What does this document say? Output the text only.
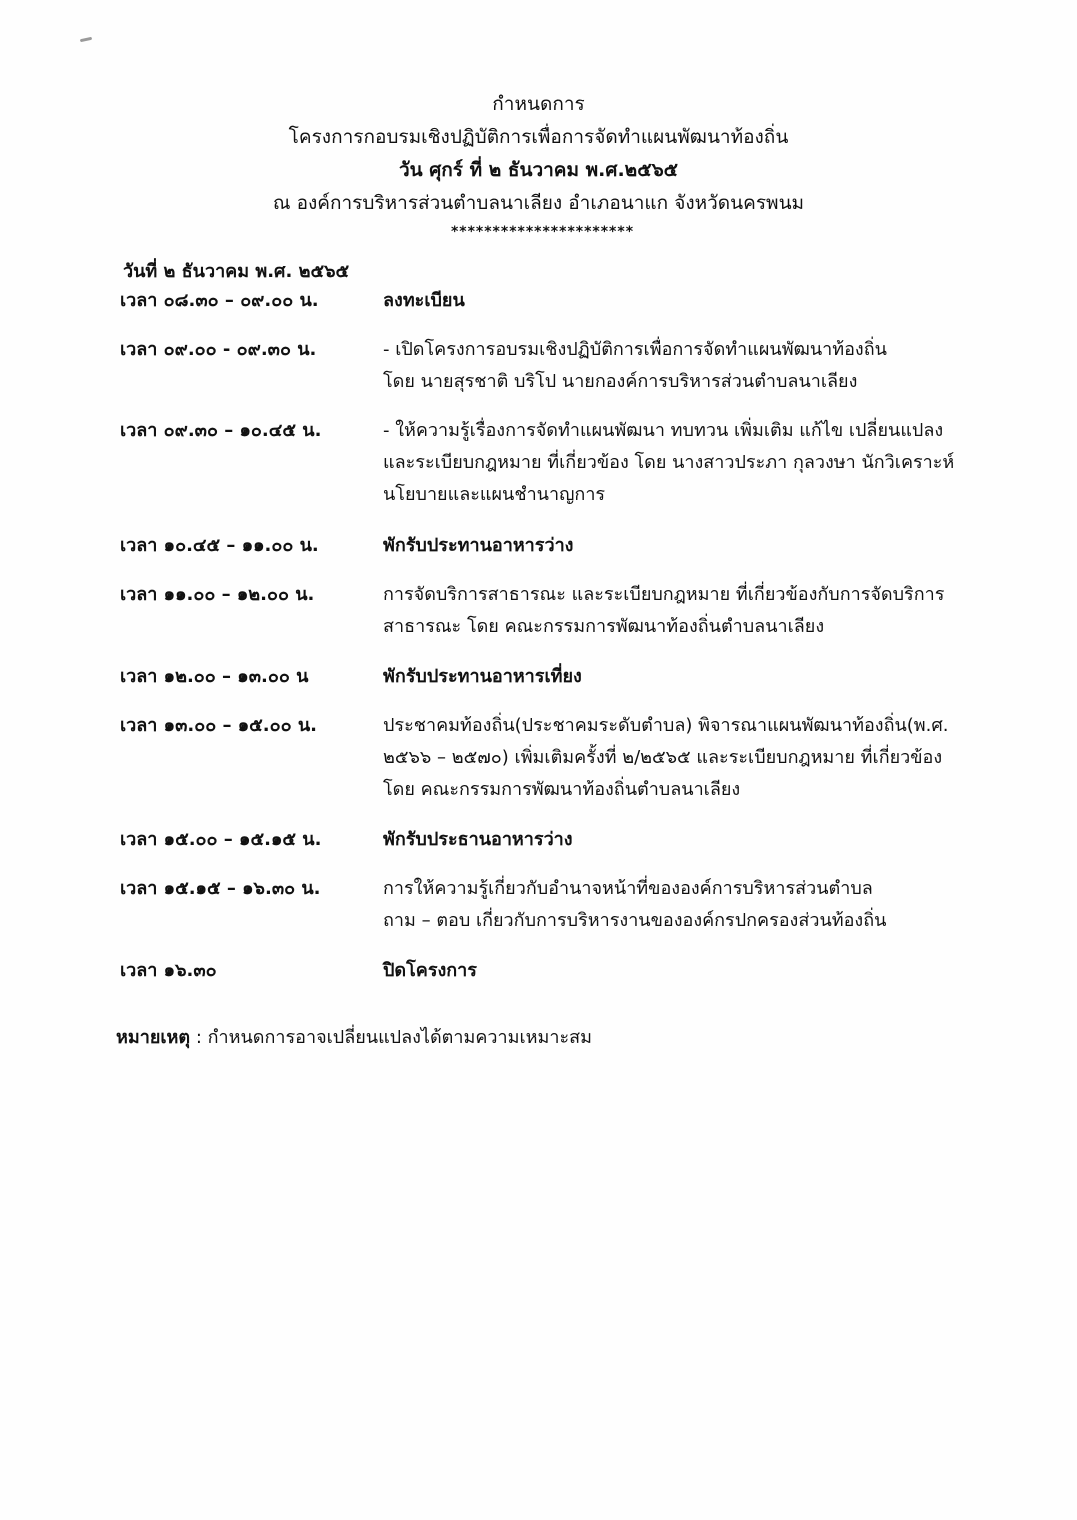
กำหนดการ
โครงการกอบรมเชิงปฏิบัติการเพื่อการจัดทำแผนพัฒนาท้องถิ่น
วัน ศุกร์ ที่ ๒ ธันวาคม พ.ศ.๒๕๖๕
ณ องค์การบริหารส่วนตำบลนาเลียง อำเภอนาแก จังหวัดนครพนม
**********************
วันที่ ๒ ธันวาคม พ.ศ. ๒๕๖๕
เวลา ๐๘.๓๐ – ๐๙.๐๐ น.	ลงทะเบียน
เวลา ๐๙.๐๐ - ๐๙.๓๐ น.	- เปิดโครงการอบรมเชิงปฏิบัติการเพื่อการจัดทำแผนพัฒนาท้องถิ่น
โดย นายสุรชาติ บริโป นายกองค์การบริหารส่วนตำบลนาเลียง
เวลา ๐๙.๓๐ – ๑๐.๔๕ น.	- ให้ความรู้เรื่องการจัดทำแผนพัฒนา ทบทวน เพิ่มเติม แก้ไข เปลี่ยนแปลง
และระเบียบกฎหมาย ที่เกี่ยวข้อง โดย นางสาวประภา กุลวงษา นักวิเคราะห์
นโยบายและแผนชำนาญการ
เวลา ๑๐.๔๕ – ๑๑.๐๐ น.	พักรับประทานอาหารว่าง
เวลา ๑๑.๐๐ – ๑๒.๐๐ น.	การจัดบริการสาธารณะ และระเบียบกฎหมาย ที่เกี่ยวข้องกับการจัดบริการ
สาธารณะ โดย คณะกรรมการพัฒนาท้องถิ่นตำบลนาเลียง
เวลา ๑๒.๐๐ – ๑๓.๐๐ น	พักรับประทานอาหารเที่ยง
เวลา ๑๓.๐๐ – ๑๕.๐๐ น.	ประชาคมท้องถิ่น(ประชาคมระดับตำบล) พิจารณาแผนพัฒนาท้องถิ่น(พ.ศ.
๒๕๖๖ – ๒๕๗๐) เพิ่มเติมครั้งที่ ๒/๒๕๖๕ และระเบียบกฎหมาย ที่เกี่ยวข้อง
โดย คณะกรรมการพัฒนาท้องถิ่นตำบลนาเลียง
เวลา ๑๕.๐๐ – ๑๕.๑๕ น.	พักรับประธานอาหารว่าง
เวลา ๑๕.๑๕ – ๑๖.๓๐ น.	การให้ความรู้เกี่ยวกับอำนาจหน้าที่ขององค์การบริหารส่วนตำบล
ถาม – ตอบ เกี่ยวกับการบริหารงานขององค์กรปกครองส่วนท้องถิ่น
เวลา ๑๖.๓๐	ปิดโครงการ
หมายเหตุ : กำหนดการอาจเปลี่ยนแปลงได้ตามความเหมาะสม
